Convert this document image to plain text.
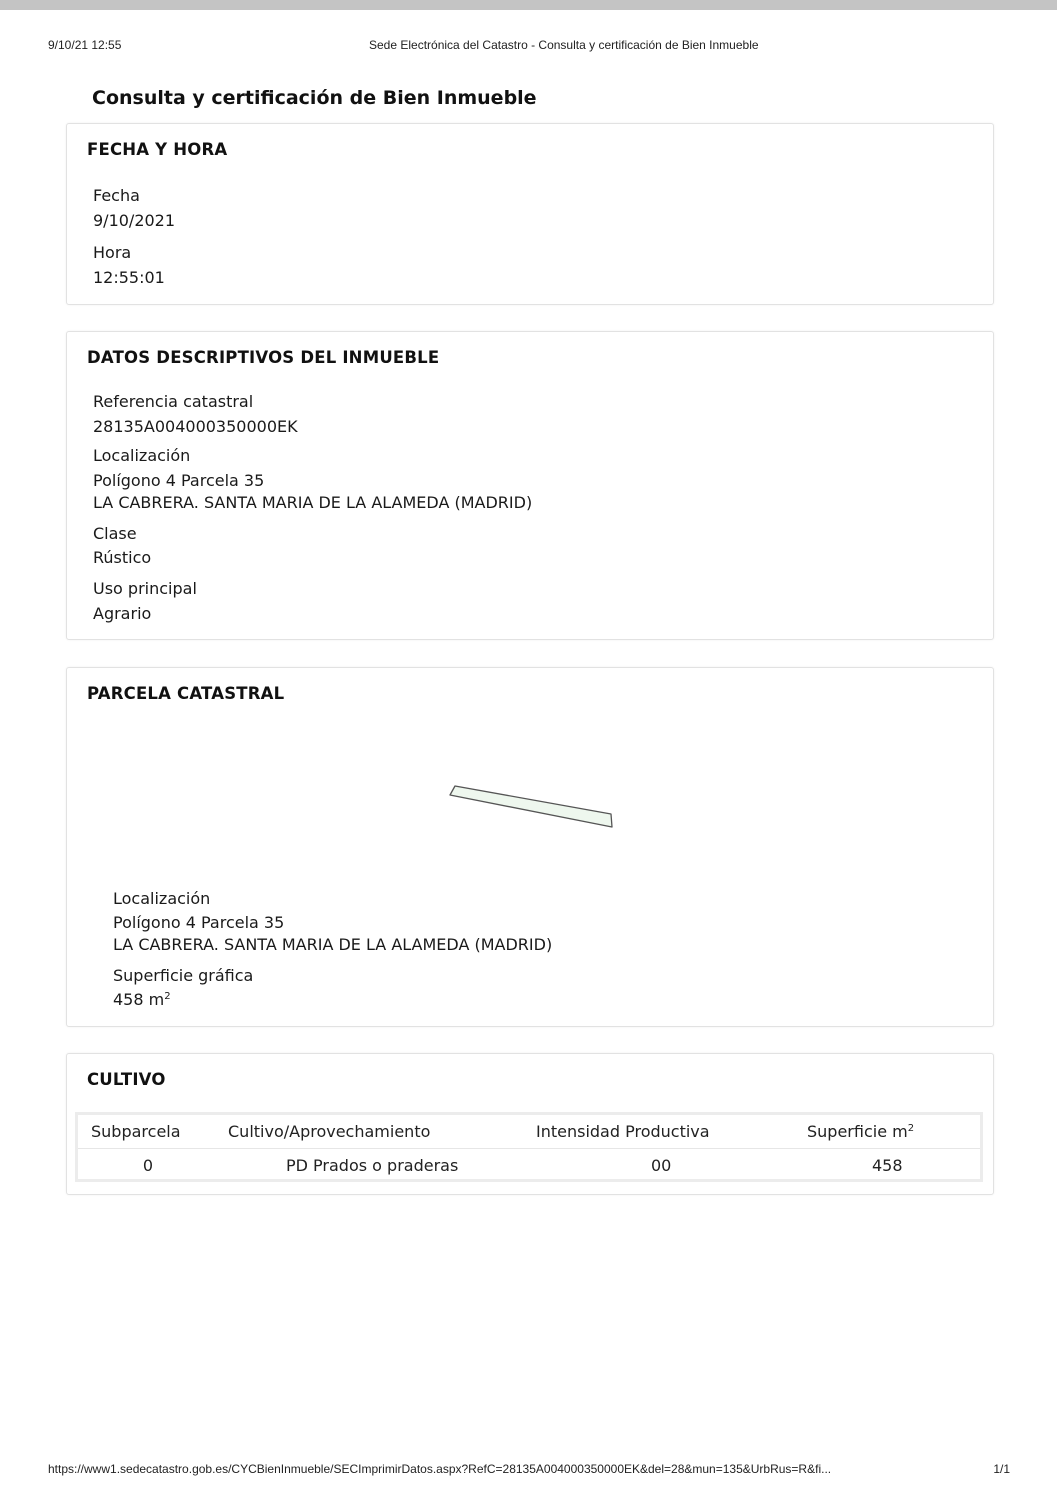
9/10/21 12:55	Sede Electrónica del Catastro - Consulta y certificación de Bien Inmueble
Consulta y certificación de Bien Inmueble
FECHA Y HORA
Fecha
9/10/2021
Hora
12:55:01
DATOS DESCRIPTIVOS DEL INMUEBLE
Referencia catastral
28135A004000350000EK
Localización
Polígono 4 Parcela 35
LA CABRERA. SANTA MARIA DE LA ALAMEDA (MADRID)
Clase
Rústico
Uso principal
Agrario
PARCELA CATASTRAL
Localización
Polígono 4 Parcela 35
LA CABRERA. SANTA MARIA DE LA ALAMEDA (MADRID)
Superficie gráfica
458 $m^2$
CULTIVO
Subparcela	Cultivo/Aprovechamiento	Intensidad Productiva	Superficie $m^2$
0	PD Prados o praderas	00	458
https://www1.sedecatastro.gob.es/CYCBienInmueble/SECImprimirDatos.aspx?RefC=28135A004000350000EK&del=28&mun=135&UrbRus=R&fi...	1/1
